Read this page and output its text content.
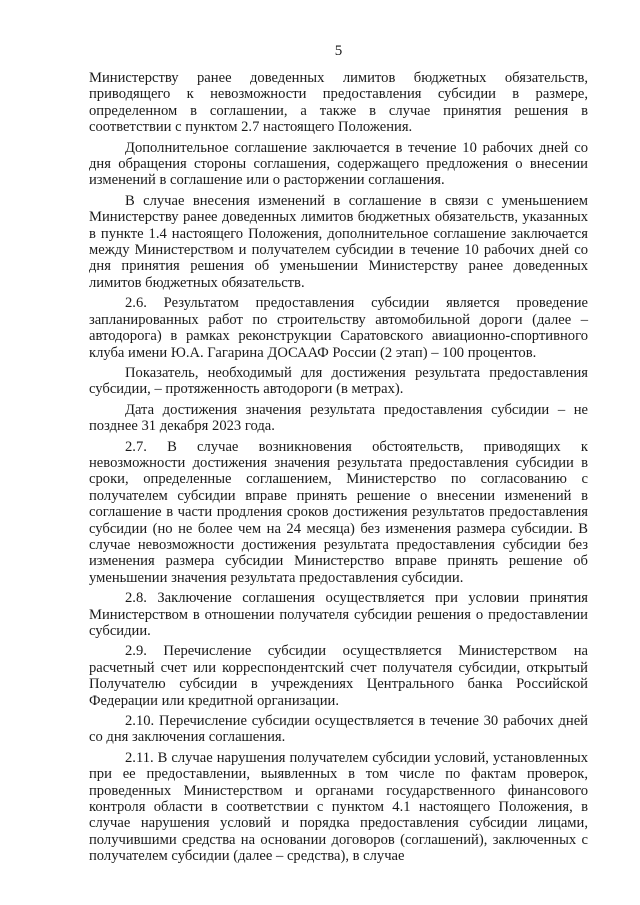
5

Министерству ранее доведенных лимитов бюджетных обязательств, приводящего к невозможности предоставления субсидии в размере, определенном в соглашении, а также в случае принятия решения в соответствии с пунктом 2.7 настоящего Положения.

Дополнительное соглашение заключается в течение 10 рабочих дней со дня обращения стороны соглашения, содержащего предложения о внесении изменений в соглашение или о расторжении соглашения.

В случае внесения изменений в соглашение в связи с уменьшением Министерству ранее доведенных лимитов бюджетных обязательств, указанных в пункте 1.4 настоящего Положения, дополнительное соглашение заключается между Министерством и получателем субсидии в течение 10 рабочих дней со дня принятия решения об уменьшении Министерству ранее доведенных лимитов бюджетных обязательств.

2.6. Результатом предоставления субсидии является проведение запланированных работ по строительству автомобильной дороги (далее – автодорога) в рамках реконструкции Саратовского авиационно-спортивного клуба имени Ю.А. Гагарина ДОСААФ России (2 этап) – 100 процентов.

Показатель, необходимый для достижения результата предоставления субсидии, – протяженность автодороги (в метрах).

Дата достижения значения результата предоставления субсидии – не позднее 31 декабря 2023 года.

2.7. В случае возникновения обстоятельств, приводящих к невозможности достижения значения результата предоставления субсидии в сроки, определенные соглашением, Министерство по согласованию с получателем субсидии вправе принять решение о внесении изменений в соглашение в части продления сроков достижения результатов предоставления субсидии (но не более чем на 24 месяца) без изменения размера субсидии. В случае невозможности достижения результата предоставления субсидии без изменения размера субсидии Министерство вправе принять решение об уменьшении значения результата предоставления субсидии.

2.8. Заключение соглашения осуществляется при условии принятия Министерством в отношении получателя субсидии решения о предоставлении субсидии.

2.9. Перечисление субсидии осуществляется Министерством на расчетный счет или корреспондентский счет получателя субсидии, открытый Получателю субсидии в учреждениях Центрального банка Российской Федерации или кредитной организации.

2.10. Перечисление субсидии осуществляется в течение 30 рабочих дней со дня заключения соглашения.

2.11. В случае нарушения получателем субсидии условий, установленных при ее предоставлении, выявленных в том числе по фактам проверок, проведенных Министерством и органами государственного финансового контроля области в соответствии с пунктом 4.1 настоящего Положения, в случае нарушения условий и порядка предоставления субсидии лицами, получившими средства на основании договоров (соглашений), заключенных с получателем субсидии (далее – средства), в случае
